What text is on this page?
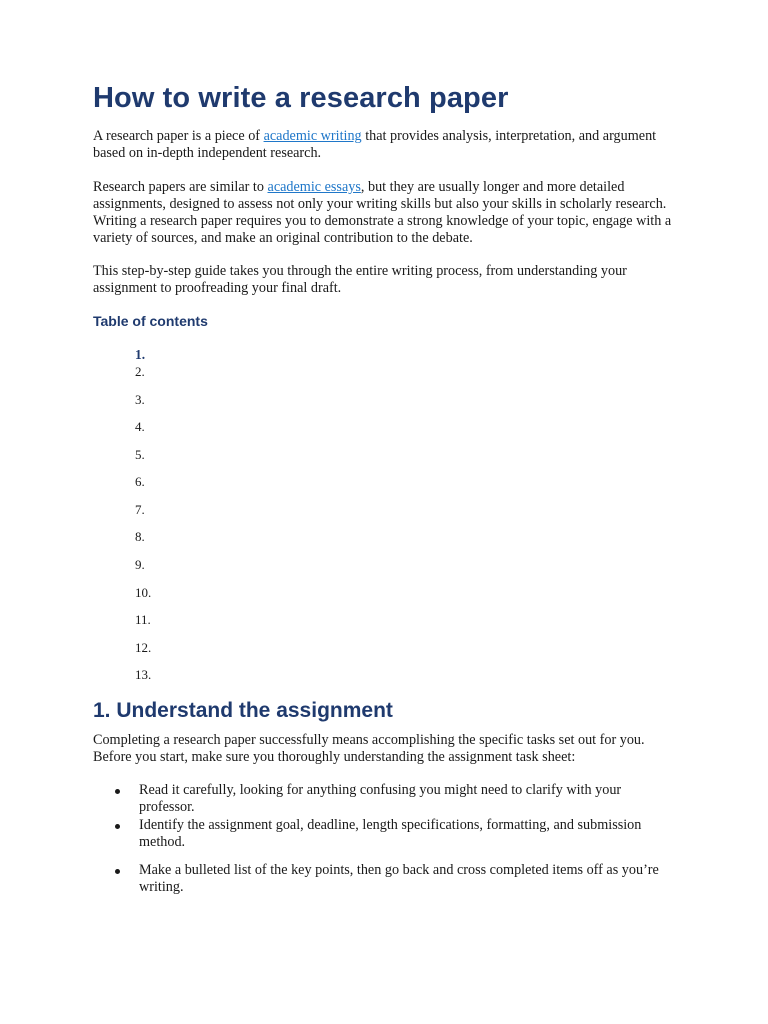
How to write a research paper

A research paper is a piece of academic writing that provides analysis, interpretation, and argument based on in-depth independent research.

Research papers are similar to academic essays, but they are usually longer and more detailed assignments, designed to assess not only your writing skills but also your skills in scholarly research. Writing a research paper requires you to demonstrate a strong knowledge of your topic, engage with a variety of sources, and make an original contribution to the debate.

This step-by-step guide takes you through the entire writing process, from understanding your assignment to proofreading your final draft.

Table of contents
1.
2.
3.
4.
5.
6.
7.
8.
9.
10.
11.
12.
13.
1. Understand the assignment

Completing a research paper successfully means accomplishing the specific tasks set out for you. Before you start, make sure you thoroughly understanding the assignment task sheet:

Read it carefully, looking for anything confusing you might need to clarify with your professor.
Identify the assignment goal, deadline, length specifications, formatting, and submission method.
Make a bulleted list of the key points, then go back and cross completed items off as you’re writing.
